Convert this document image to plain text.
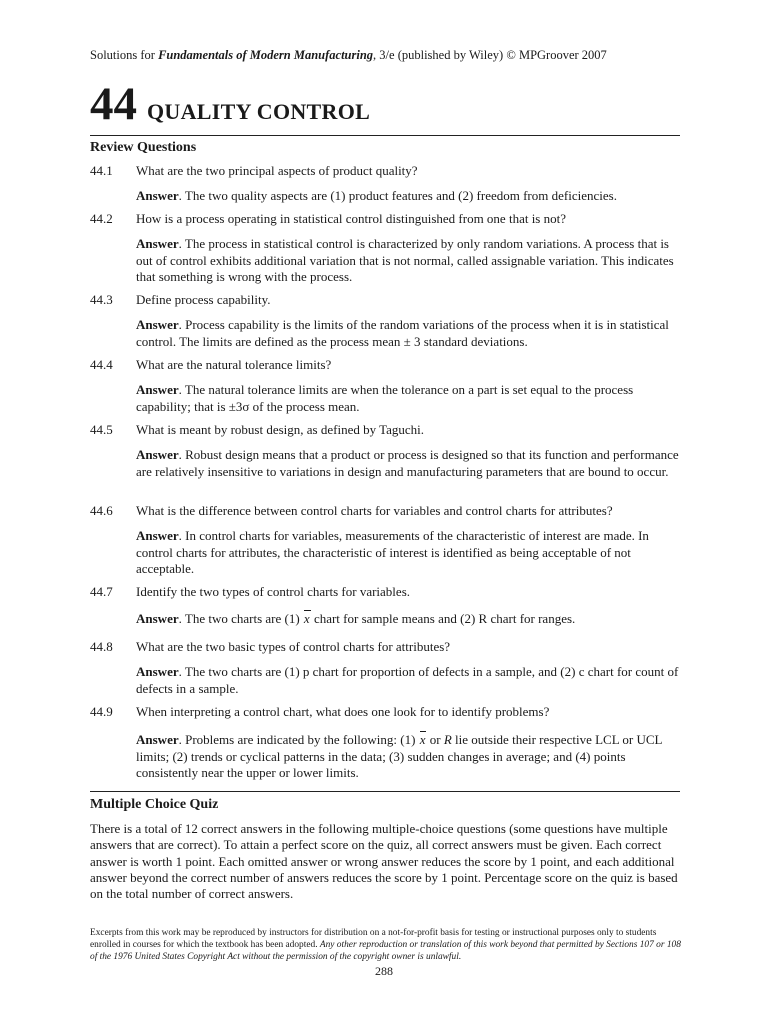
Solutions for Fundamentals of Modern Manufacturing, 3/e (published by Wiley) © MPGroover 2007
44 QUALITY CONTROL
Review Questions
44.1	What are the two principal aspects of product quality?
Answer. The two quality aspects are (1) product features and (2) freedom from deficiencies.
44.2	How is a process operating in statistical control distinguished from one that is not?
Answer. The process in statistical control is characterized by only random variations. A process that is out of control exhibits additional variation that is not normal, called assignable variation. This indicates that something is wrong with the process.
44.3	Define process capability.
Answer. Process capability is the limits of the random variations of the process when it is in statistical control. The limits are defined as the process mean ± 3 standard deviations.
44.4	What are the natural tolerance limits?
Answer. The natural tolerance limits are when the tolerance on a part is set equal to the process capability; that is ±3σ of the process mean.
44.5	What is meant by robust design, as defined by Taguchi.
Answer. Robust design means that a product or process is designed so that its function and performance are relatively insensitive to variations in design and manufacturing parameters that are bound to occur.
44.6	What is the difference between control charts for variables and control charts for attributes?
Answer. In control charts for variables, measurements of the characteristic of interest are made. In control charts for attributes, the characteristic of interest is identified as being acceptable of not acceptable.
44.7	Identify the two types of control charts for variables.
Answer. The two charts are (1) x chart for sample means and (2) R chart for ranges.
44.8	What are the two basic types of control charts for attributes?
Answer. The two charts are (1) p chart for proportion of defects in a sample, and (2) c chart for count of defects in a sample.
44.9	When interpreting a control chart, what does one look for to identify problems?
Answer. Problems are indicated by the following: (1) x or R lie outside their respective LCL or UCL limits; (2) trends or cyclical patterns in the data; (3) sudden changes in average; and (4) points consistently near the upper or lower limits.
Multiple Choice Quiz
There is a total of 12 correct answers in the following multiple-choice questions (some questions have multiple answers that are correct). To attain a perfect score on the quiz, all correct answers must be given. Each correct answer is worth 1 point. Each omitted answer or wrong answer reduces the score by 1 point, and each additional answer beyond the correct number of answers reduces the score by 1 point. Percentage score on the quiz is based on the total number of correct answers.
Excerpts from this work may be reproduced by instructors for distribution on a not-for-profit basis for testing or instructional purposes only to students enrolled in courses for which the textbook has been adopted. Any other reproduction or translation of this work beyond that permitted by Sections 107 or 108 of the 1976 United States Copyright Act without the permission of the copyright owner is unlawful.
288
